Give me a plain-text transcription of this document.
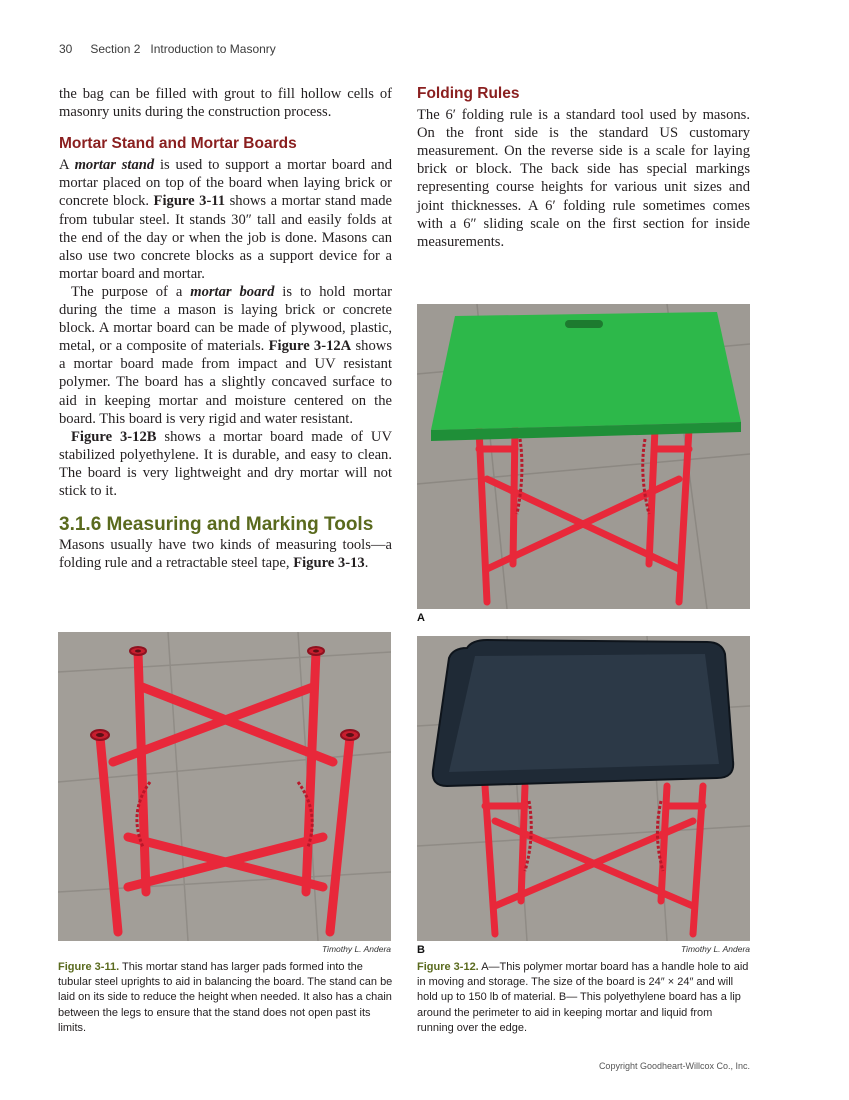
30 Section 2 Introduction to Masonry

the bag can be filled with grout to fill hollow cells of masonry units during the construction process.

Mortar Stand and Mortar Boards

A mortar stand is used to support a mortar board and mortar placed on top of the board when laying brick or concrete block. Figure 3-11 shows a mortar stand made from tubular steel. It stands 30″ tall and easily folds at the end of the day or when the job is done. Masons can also use two concrete blocks as a support device for a mortar board and mortar.

The purpose of a mortar board is to hold mortar during the time a mason is laying brick or concrete block. A mortar board can be made of plywood, plastic, metal, or a composite of materials. Figure 3-12A shows a mortar board made from impact and UV resistant polymer. The board has a slightly concaved surface to aid in keeping mortar and moisture centered on the board. This board is very rigid and water resistant.

Figure 3-12B shows a mortar board made of UV stabilized polyethylene. It is durable, and easy to clean. The board is very lightweight and dry mortar will not stick to it.

3.1.6 Measuring and Marking Tools

Masons usually have two kinds of measuring tools—a folding rule and a retractable steel tape, Figure 3-13.

Folding Rules

The 6′ folding rule is a standard tool used by masons. On the front side is the standard US customary measurement. On the reverse side is a scale for laying brick or block. The back side has special markings representing course heights for various unit sizes and joint thicknesses. A 6′ folding rule sometimes comes with a 6″ sliding scale on the first section for inside measurements.

A
Timothy L. Andera B	Timothy L. Andera
Figure 3-11. This mortar stand has larger pads formed into the tubular steel uprights to aid in balancing the board. The stand can be laid on its side to reduce the height when needed. It also has a chain between the legs to ensure that the stand does not open past its limits.
Figure 3-12. A—This polymer mortar board has a handle hole to aid in moving and storage. The size of the board is 24″ × 24″ and will hold up to 150 lb of material. B— This polyethylene board has a lip around the perimeter to aid in keeping mortar and liquid from running over the edge.
Copyright Goodheart-Willcox Co., Inc.
